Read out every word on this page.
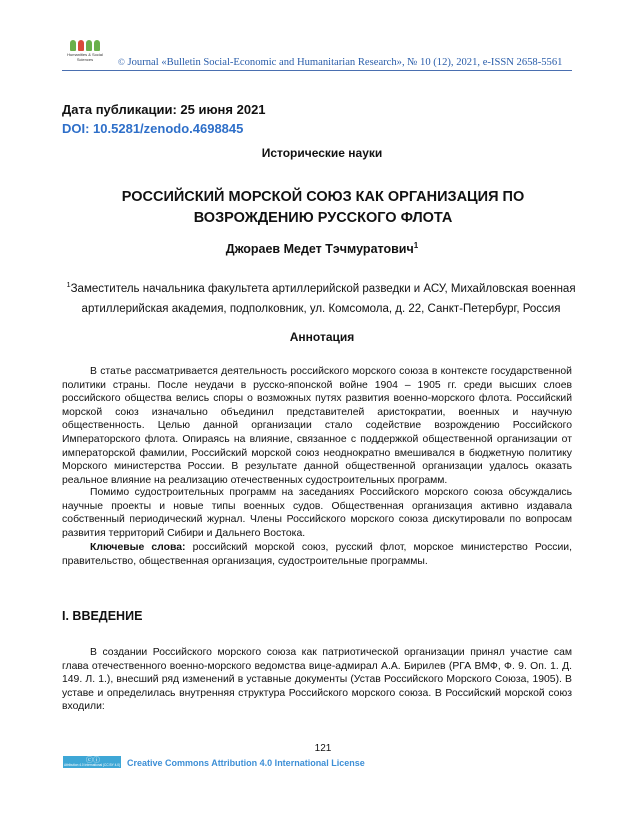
Humanities & Social
Sciences	© Journal «Bulletin Social-Economic and Humanitarian Research», № 10 (12), 2021, e-ISSN 2658-5561
Дата публикации: 25 июня 2021
DOI: 10.5281/zenodo.4698845
Исторические науки
РОССИЙСКИЙ МОРСКОЙ СОЮЗ КАК ОРГАНИЗАЦИЯ ПО
ВОЗРОЖДЕНИЮ РУССКОГО ФЛОТА
Джораев Медет Тэчмуратович$^1$
$^1$Заместитель начальника факультета артиллерийской разведки и АСУ, Михайловская военная артиллерийская академия, подполковник, ул. Комсомола, д. 22, Санкт-Петербург, Россия
Аннотация
В статье рассматривается деятельность российского морского союза в контексте государственной политики страны. После неудачи в русско-японской войне 1904 – 1905 гг. среди высших слоев российского общества велись споры о возможных путях развития военно-морского флота. Российский морской союз изначально объединил представителей аристократии, военных и научную общественность. Целью данной организации стало содействие возрождению Российского Императорского флота. Опираясь на влияние, связанное с поддержкой общественной организации от императорской фамилии, Российский морской союз неоднократно вмешивался в бюджетную политику Морского министерства России. В результате данной общественной организации удалось оказать реальное влияние на реализацию отечественных судостроительных программ.
Помимо судостроительных программ на заседаниях Российского морского союза обсуждались научные проекты и новые типы военных судов. Общественная организация активно издавала собственный периодический журнал. Члены Российского морского союза дискутировали по вопросам развития территорий Сибири и Дальнего Востока.
Ключевые слова: российский морской союз, русский флот, морское министерство России, правительство, общественная организация, судостроительные программы.
I. ВВЕДЕНИЕ
В создании Российского морского союза как патриотической организации принял участие сам глава отечественного военно-морского ведомства вице-адмирал А.А. Бирилев (РГА ВМФ, Ф. 9. Оп. 1. Д. 149. Л. 1.), внесший ряд изменений в уставные документы (Устав Российского Морского Союза, 1905). В уставе и определилась внутренняя структура Российского морского союза. В Российский морской союз входили:
121
ⓒⓘ
Attribution 4.0 International (CC BY 4.0) Creative Commons Attribution 4.0 International License
